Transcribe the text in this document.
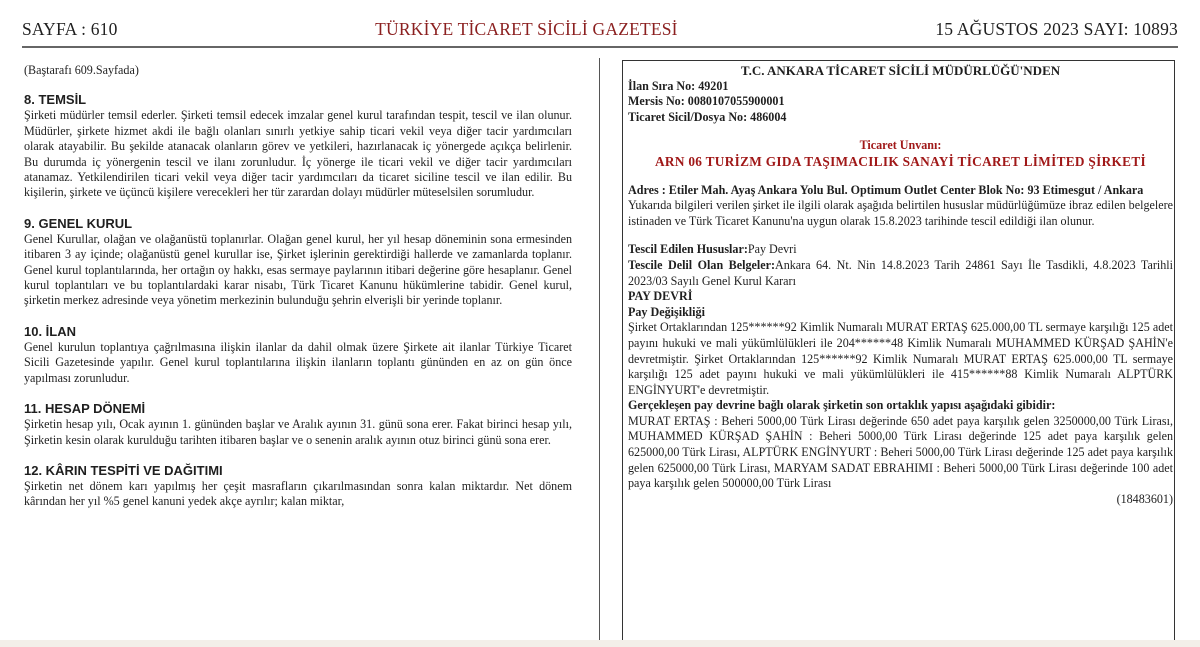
SAYFA : 610	TÜRKİYE TİCARET SİCİLİ GAZETESİ	15 AĞUSTOS 2023 SAYI: 10893

(Baştarafı 609.Sayfada)

8. TEMSİL

Şirketi müdürler temsil ederler. Şirketi temsil edecek imzalar genel kurul tarafından tespit, tescil ve ilan olunur. Müdürler, şirkete hizmet akdi ile bağlı olanları sınırlı yetkiye sahip ticari vekil veya diğer tacir yardımcıları olarak atayabilir. Bu şekilde atanacak olanların görev ve yetkileri, hazırlanacak iç yönergede açıkça belirlenir. Bu durumda iç yönergenin tescil ve ilanı zorunludur. İç yönerge ile ticari vekil ve diğer tacir yardımcıları atanamaz. Yetkilendirilen ticari vekil veya diğer tacir yardımcıları da ticaret siciline tescil ve ilan edilir. Bu kişilerin, şirkete ve üçüncü kişilere verecekleri her tür zarardan dolayı müdürler müteselsilen sorumludur.

9. GENEL KURUL

Genel Kurullar, olağan ve olağanüstü toplanırlar. Olağan genel kurul, her yıl hesap döneminin sona ermesinden itibaren 3 ay içinde; olağanüstü genel kurullar ise, Şirket işlerinin gerektirdiği hallerde ve zamanlarda toplanır. Genel kurul toplantılarında, her ortağın oy hakkı, esas sermaye paylarının itibari değerine göre hesaplanır. Genel kurul toplantıları ve bu toplantılardaki karar nisabı, Türk Ticaret Kanunu hükümlerine tabidir. Genel kurul, şirketin merkez adresinde veya yönetim merkezinin bulunduğu şehrin elverişli bir yerinde toplanır.

10. İLAN

Genel kurulun toplantıya çağrılmasına ilişkin ilanlar da dahil olmak üzere Şirkete ait ilanlar Türkiye Ticaret Sicili Gazetesinde yapılır. Genel kurul toplantılarına ilişkin ilanların toplantı gününden en az on gün önce yapılması zorunludur.

11. HESAP DÖNEMİ

Şirketin hesap yılı, Ocak ayının 1. gününden başlar ve Aralık ayının 31. günü sona erer. Fakat birinci hesap yılı, Şirketin kesin olarak kurulduğu tarihten itibaren başlar ve o senenin aralık ayının otuz birinci günü sona erer.

12. KÂRIN TESPİTİ VE DAĞITIMI

Şirketin net dönem karı yapılmış her çeşit masrafların çıkarılmasından sonra kalan miktardır. Net dönem kârından her yıl %5 genel kanuni yedek akçe ayrılır; kalan miktar,

T.C. ANKARA TİCARET SİCİLİ MÜDÜRLÜĞÜ'NDEN

İlan Sıra No: 49201

Mersis No: 0080107055900001

Ticaret Sicil/Dosya No: 486004

Ticaret Unvanı:

ARN 06 TURİZM GIDA TAŞIMACILIK SANAYİ TİCARET LİMİTED ŞİRKETİ

Adres : Etiler Mah. Ayaş Ankara Yolu Bul. Optimum Outlet Center Blok No: 93 Etimesgut / Ankara

Yukarıda bilgileri verilen şirket ile ilgili olarak aşağıda belirtilen hususlar müdürlüğümüze ibraz edilen belgelere istinaden ve Türk Ticaret Kanunu'na uygun olarak 15.8.2023 tarihinde tescil edildiği ilan olunur.

Tescil Edilen Hususlar:Pay Devri

Tescile Delil Olan Belgeler:Ankara 64. Nt. Nin 14.8.2023 Tarih 24861 Sayı İle Tasdikli, 4.8.2023 Tarihli 2023/03 Sayılı Genel Kurul Kararı

PAY DEVRİ

Pay Değişikliği

Şirket Ortaklarından 125******92 Kimlik Numaralı MURAT ERTAŞ 625.000,00 TL sermaye karşılığı 125 adet payını hukuki ve mali yükümlülükleri ile 204******48 Kimlik Numaralı MUHAMMED KÜRŞAD ŞAHİN'e devretmiştir. Şirket Ortaklarından 125******92 Kimlik Numaralı MURAT ERTAŞ 625.000,00 TL sermaye karşılığı 125 adet payını hukuki ve mali yükümlülükleri ile 415******88 Kimlik Numaralı ALPTÜRK ENGİNYURT'e devretmiştir.

Gerçekleşen pay devrine bağlı olarak şirketin son ortaklık yapısı aşağıdaki gibidir:

MURAT ERTAŞ : Beheri 5000,00 Türk Lirası değerinde 650 adet paya karşılık gelen 3250000,00 Türk Lirası, MUHAMMED KÜRŞAD ŞAHİN : Beheri 5000,00 Türk Lirası değerinde 125 adet paya karşılık gelen 625000,00 Türk Lirası, ALPTÜRK ENGİNYURT : Beheri 5000,00 Türk Lirası değerinde 125 adet paya karşılık gelen 625000,00 Türk Lirası, MARYAM SADAT EBRAHIMI : Beheri 5000,00 Türk Lirası değerinde 100 adet paya karşılık gelen 500000,00 Türk Lirası

(18483601)
